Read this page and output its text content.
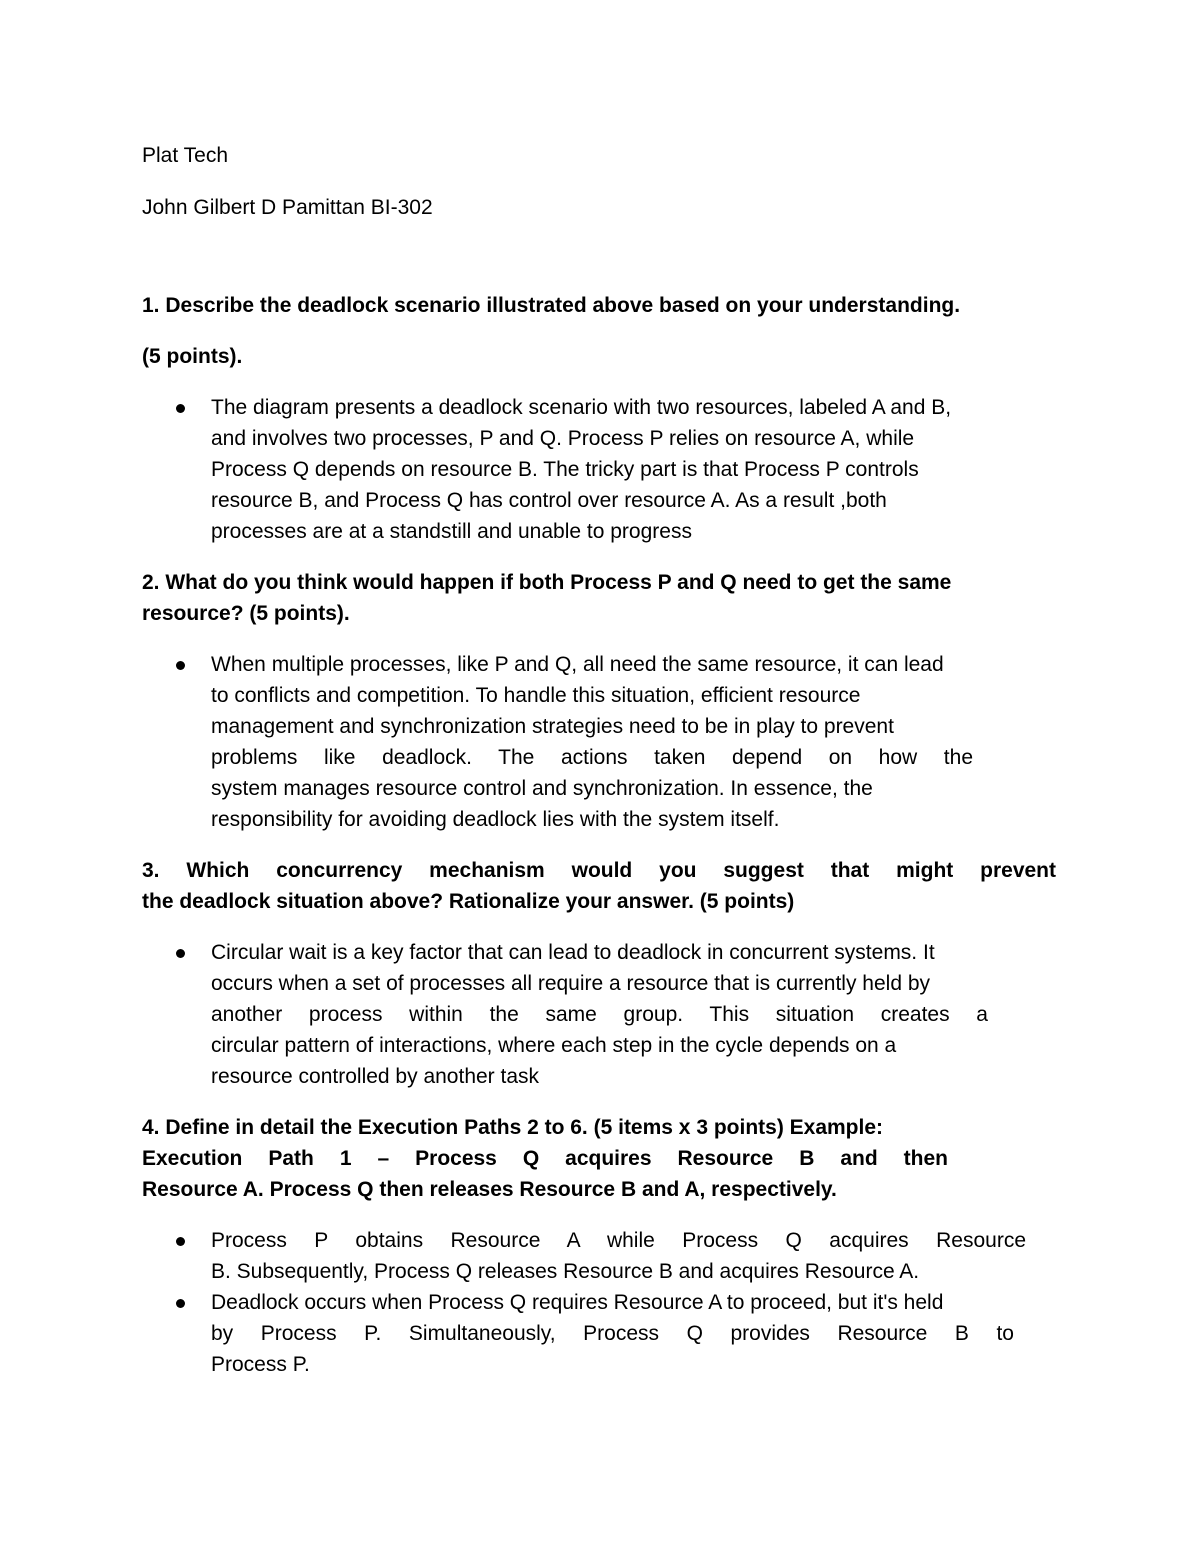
Plat Tech

John Gilbert D Pamittan BI-302

1. Describe the deadlock scenario illustrated above based on your understanding.

(5 points).

The diagram presents a deadlock scenario with two resources, labeled A and B,
and involves two processes, P and Q. Process P relies on resource A, while
Process Q depends on resource B. The tricky part is that Process P controls
resource B, and Process Q has control over resource A. As a result ,both
processes are at a standstill and unable to progress
2. What do you think would happen if both Process P and Q need to get the same
resource? (5 points).
When multiple processes, like P and Q, all need the same resource, it can lead
to conflicts and competition. To handle this situation, efficient resource
management and synchronization strategies need to be in play to prevent
problems like deadlock. The actions taken depend on how the
system manages resource control and synchronization. In essence, the
responsibility for avoiding deadlock lies with the system itself.
3. Which concurrency mechanism would you suggest that might prevent
the deadlock situation above? Rationalize your answer. (5 points)
Circular wait is a key factor that can lead to deadlock in concurrent systems. It
occurs when a set of processes all require a resource that is currently held by
another process within the same group. This situation creates a
circular pattern of interactions, where each step in the cycle depends on a
resource controlled by another task
4. Define in detail the Execution Paths 2 to 6. (5 items x 3 points) Example:
Execution Path 1 – Process Q acquires Resource B and then
Resource A. Process Q then releases Resource B and A, respectively.
Process P obtains Resource A while Process Q acquires Resource
B. Subsequently, Process Q releases Resource B and acquires Resource A.
Deadlock occurs when Process Q requires Resource A to proceed, but it's held
by Process P. Simultaneously, Process Q provides Resource B to
Process P.
